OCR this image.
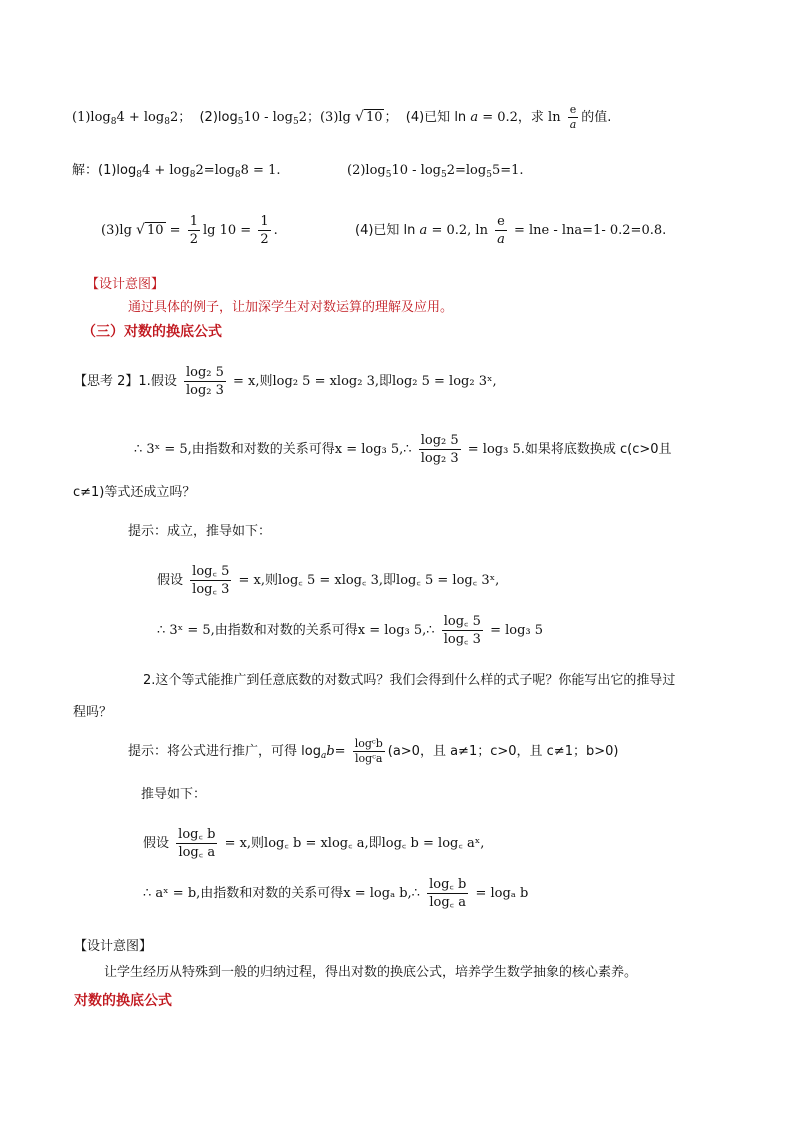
$(1)\log_84 + \log_82$； $(2)\log_510 - \log_52$；(3)lg √ 10 ； (4)已知 ln a = 0.2，求 $\ln \frac{e}{a}$ 的值.
解：$(1)\log_84 + \log_82=\log_88 = 1$.	$(2)\log_510 - \log_52=\log_55=1$.
(3)lg √ $10 = \frac{1}{2}$ $\lg 10 = \frac{1}{2}$ .	(4)已知 ln a = 0.2, $\ln \frac{e}{a} = \ln e - \ln a=1-$ 0.2=0.8.
【设计意图】
通过具体的例子，让加深学生对对数运算的理解及应用。
（三）对数的换底公式
【思考 2】1.假设 $\frac{\text{log₂ 5}}{\text{log₂ 3}} = x$,则log₂ 5 = xlog₂ 3,即log₂ 5 = log₂ 3ˣ,
∴ 3ˣ = 5,由指数和对数的关系可得x = log₃ 5,∴ $\frac{\text{log₂ 5}}{\text{log₂ 3}} = \log_3$ 5.如果将底数换成 c(c>0且
c≠1)等式还成立吗？
提示：成立，推导如下：
假设 $\frac{\log꜀ 5}{\log꜀ 3} = x$,则log꜀ 5 = xlog꜀ 3,即log꜀ 5 = log꜀ 3ˣ,
∴ 3ˣ = 5,由指数和对数的关系可得x = log₃ 5,∴ $\frac{\log꜀ 5}{\log꜀ 3} = \log_3$ 5
2.这个等式能推广到任意底数的对数式吗？我们会得到什么样的式子呢？你能写出它的推导过
程吗？
提示：将公式进行推广，可得 $\log_ab= \frac{\text{logᶜb}}{\text{logᶜa}} (a>0$，且 a≠1；c>0，且 c≠1；b>0)
推导如下：
假设 $\frac{\log꜀ b}{\log꜀ a} = x$,则log꜀ b = xlog꜀ a,即log꜀ b = log꜀ aˣ,
∴ aˣ = b,由指数和对数的关系可得x = logₐ b,∴ $\frac{\log꜀ b}{\log꜀ a} = \log_a$ b
【设计意图】
让学生经历从特殊到一般的归纳过程，得出对数的换底公式，培养学生数学抽象的核心素养。
对数的换底公式
